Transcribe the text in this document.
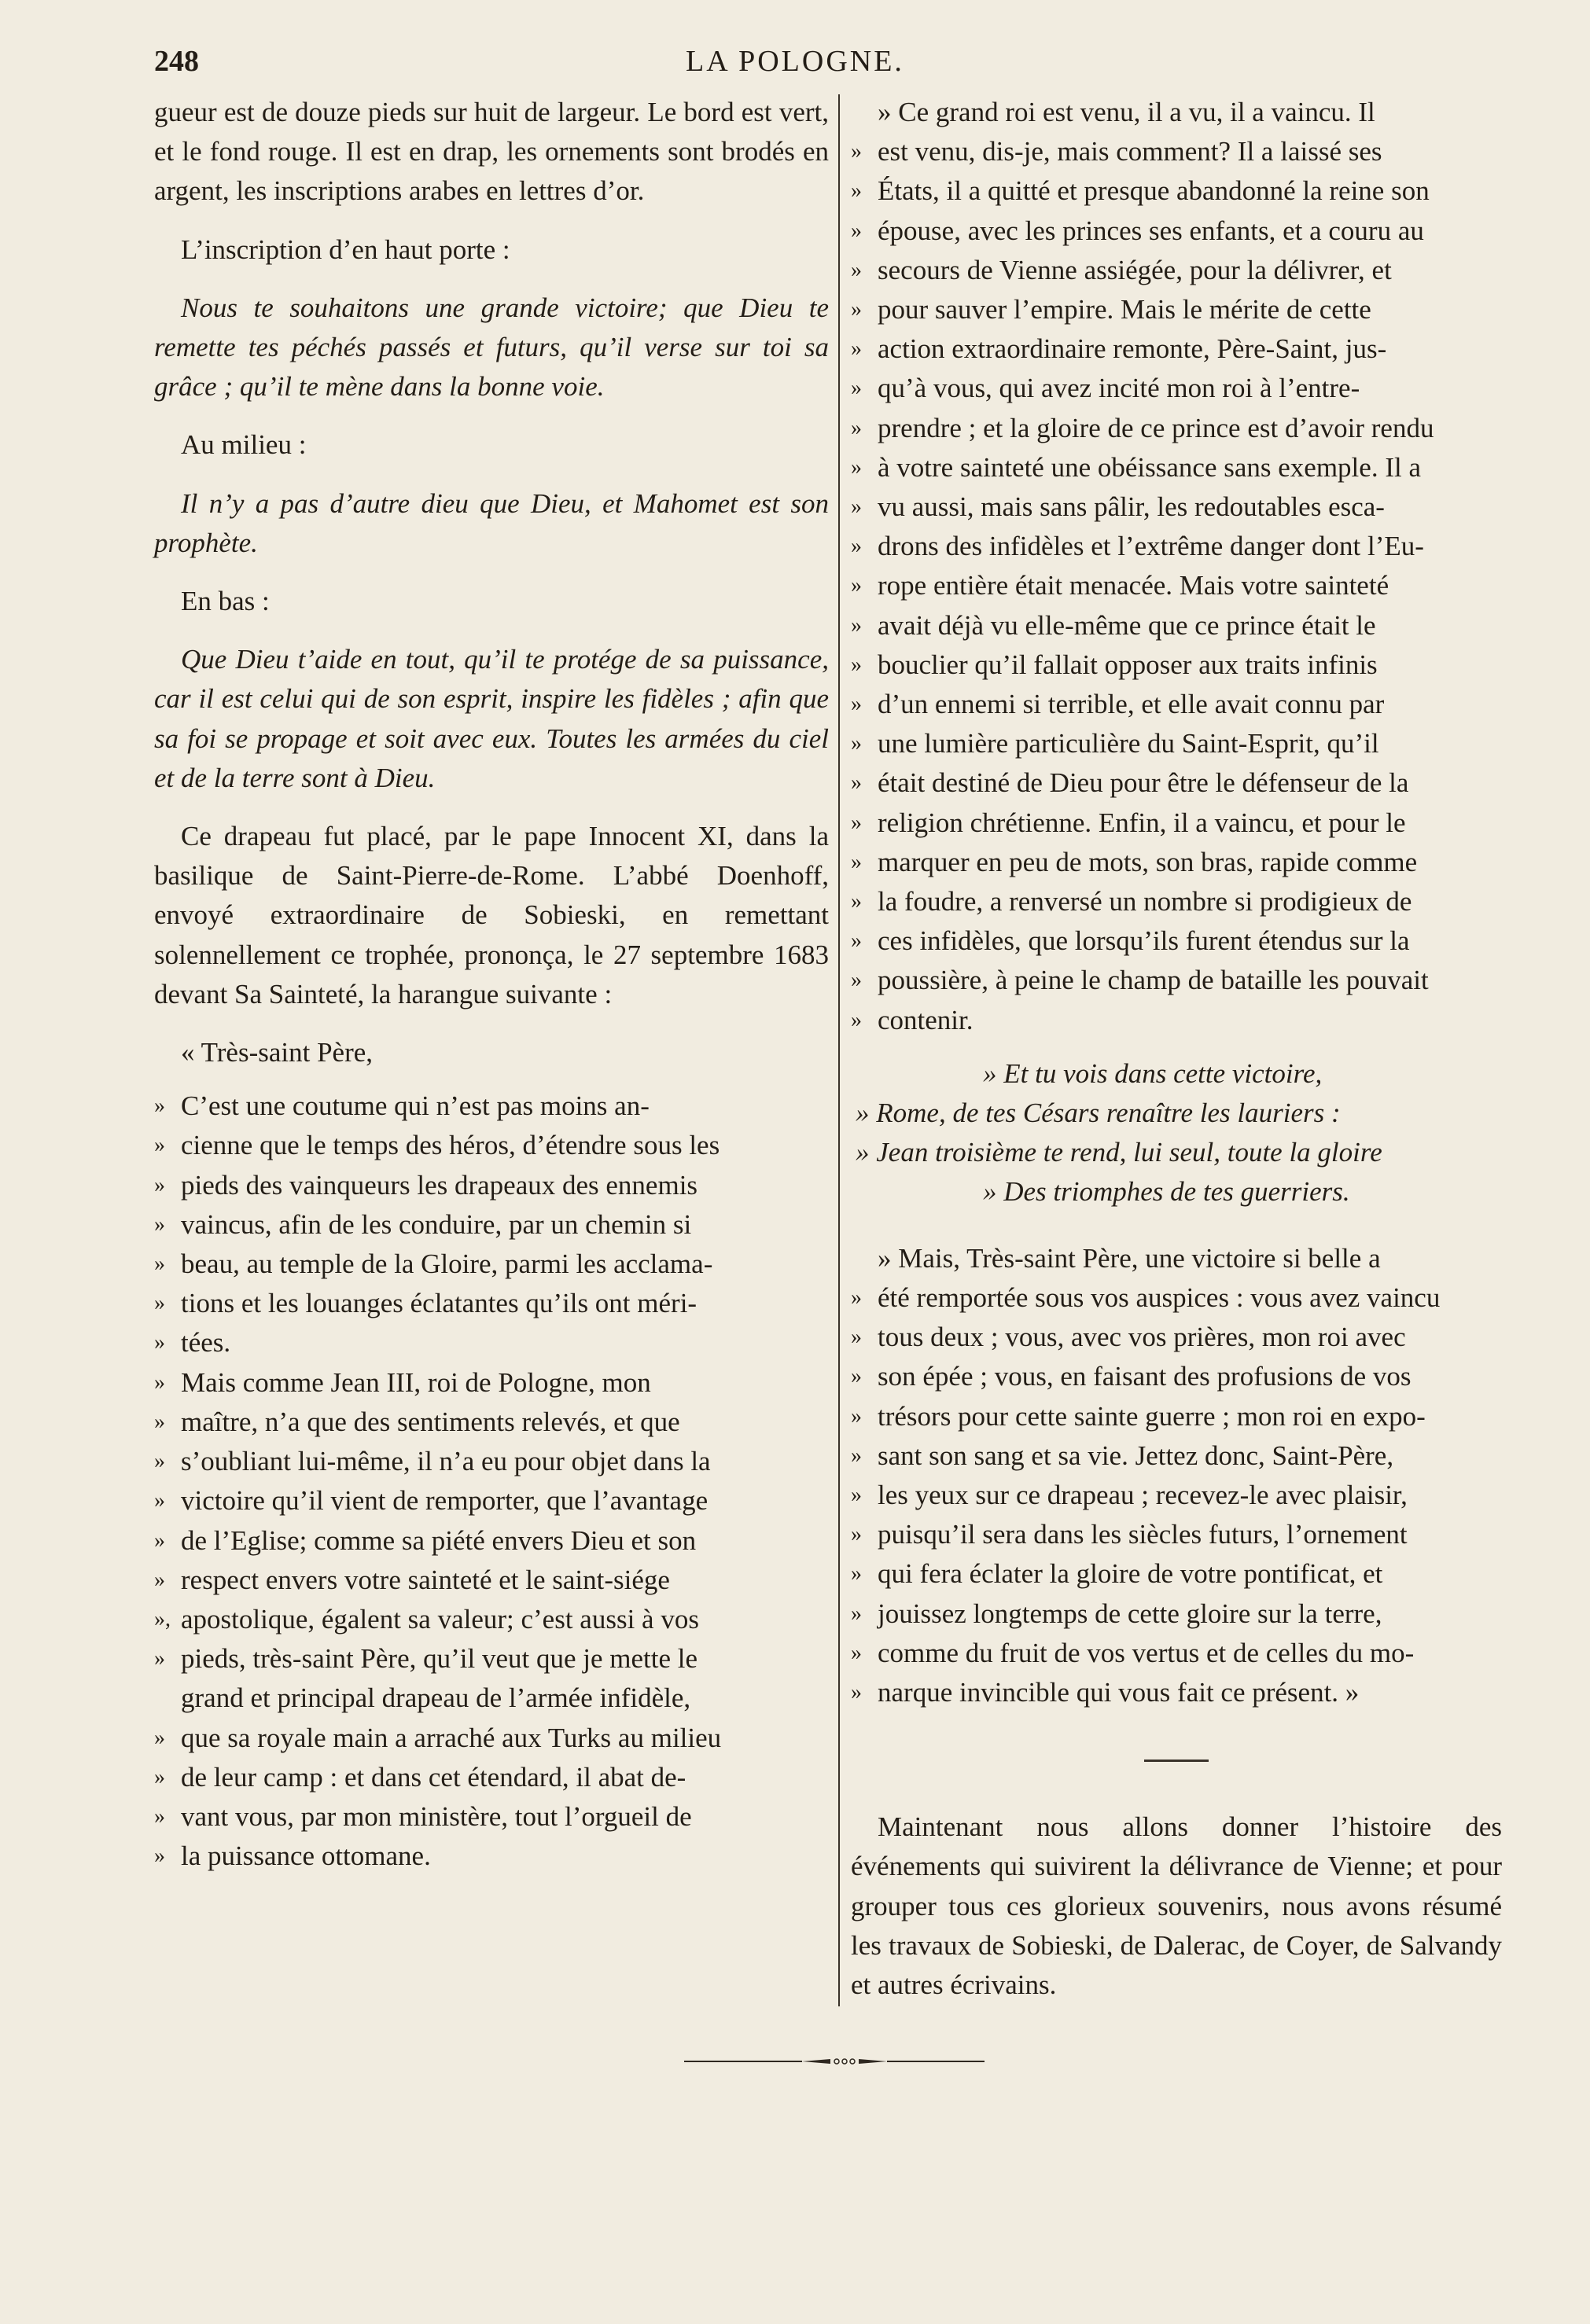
LA POLOGNE.
248

gueur est de douze pieds sur huit de largeur. Le bord est vert, et le fond rouge. Il est en drap, les ornements sont brodés en argent, les inscriptions arabes en lettres d’or.

L’inscription d’en haut porte :

Nous te souhaitons une grande victoire; que Dieu te remette tes péchés passés et futurs, qu’il verse sur toi sa grâce ; qu’il te mène dans la bonne voie.

Au milieu :

Il n’y a pas d’autre dieu que Dieu, et Mahomet est son prophète.

En bas :

Que Dieu t’aide en tout, qu’il te protége de sa puissance, car il est celui qui de son esprit, inspire les fidèles ; afin que sa foi se propage et soit avec eux. Toutes les armées du ciel et de la terre sont à Dieu.

Ce drapeau fut placé, par le pape Innocent XI, dans la basilique de Saint-Pierre-de-Rome. L’abbé Doenhoff, envoyé extraordinaire de Sobieski, en remettant solennellement ce trophée, prononça, le 27 septembre 1683 devant Sa Sainteté, la harangue suivante :

« Très-saint Père,

» C’est une coutume qui n’est pas moins an-
» cienne que le temps des héros, d’étendre sous les
» pieds des vainqueurs les drapeaux des ennemis
» vaincus, afin de les conduire, par un chemin si
» beau, au temple de la Gloire, parmi les acclama-
» tions et les louanges éclatantes qu’ils ont méri-
» tées.
» Mais comme Jean III, roi de Pologne, mon
» maître, n’a que des sentiments relevés, et que
» s’oubliant lui-même, il n’a eu pour objet dans la
» victoire qu’il vient de remporter, que l’avantage
» de l’Eglise; comme sa piété envers Dieu et son
» respect envers votre sainteté et le saint-siége
», apostolique, égalent sa valeur; c’est aussi à vos
» pieds, très-saint Père, qu’il veut que je mette le
grand et principal drapeau de l’armée infidèle,
» que sa royale main a arraché aux Turks au milieu
» de leur camp : et dans cet étendard, il abat de-
» vant vous, par mon ministère, tout l’orgueil de
» la puissance ottomane.
» Ce grand roi est venu, il a vu, il a vaincu. Il
» est venu, dis-je, mais comment? Il a laissé ses
» États, il a quitté et presque abandonné la reine son
» épouse, avec les princes ses enfants, et a couru au
» secours de Vienne assiégée, pour la délivrer, et
» pour sauver l’empire. Mais le mérite de cette
» action extraordinaire remonte, Père-Saint, jus-
» qu’à vous, qui avez incité mon roi à l’entre-
» prendre ; et la gloire de ce prince est d’avoir rendu
» à votre sainteté une obéissance sans exemple. Il a
» vu aussi, mais sans pâlir, les redoutables esca-
» drons des infidèles et l’extrême danger dont l’Eu-
» rope entière était menacée. Mais votre sainteté
» avait déjà vu elle-même que ce prince était le
» bouclier qu’il fallait opposer aux traits infinis
» d’un ennemi si terrible, et elle avait connu par
» une lumière particulière du Saint-Esprit, qu’il
» était destiné de Dieu pour être le défenseur de la
» religion chrétienne. Enfin, il a vaincu, et pour le
» marquer en peu de mots, son bras, rapide comme
» la foudre, a renversé un nombre si prodigieux de
» ces infidèles, que lorsqu’ils furent étendus sur la
» poussière, à peine le champ de bataille les pouvait
» contenir.

» Et tu vois dans cette victoire,

» Rome, de tes Césars renaître les lauriers :

» Jean troisième te rend, lui seul, toute la gloire

» Des triomphes de tes guerriers.

» Mais, Très-saint Père, une victoire si belle a
» été remportée sous vos auspices : vous avez vaincu
» tous deux ; vous, avec vos prières, mon roi avec
» son épée ; vous, en faisant des profusions de vos
» trésors pour cette sainte guerre ; mon roi en expo-
» sant son sang et sa vie. Jettez donc, Saint-Père,
» les yeux sur ce drapeau ; recevez-le avec plaisir,
» puisqu’il sera dans les siècles futurs, l’ornement
» qui fera éclater la gloire de votre pontificat, et
» jouissez longtemps de cette gloire sur la terre,
» comme du fruit de vos vertus et de celles du mo-
» narque invincible qui vous fait ce présent. »

Maintenant nous allons donner l’histoire des événements qui suivirent la délivrance de Vienne; et pour grouper tous ces glorieux souvenirs, nous avons résumé les travaux de Sobieski, de Dalerac, de Coyer, de Salvandy et autres écrivains.
